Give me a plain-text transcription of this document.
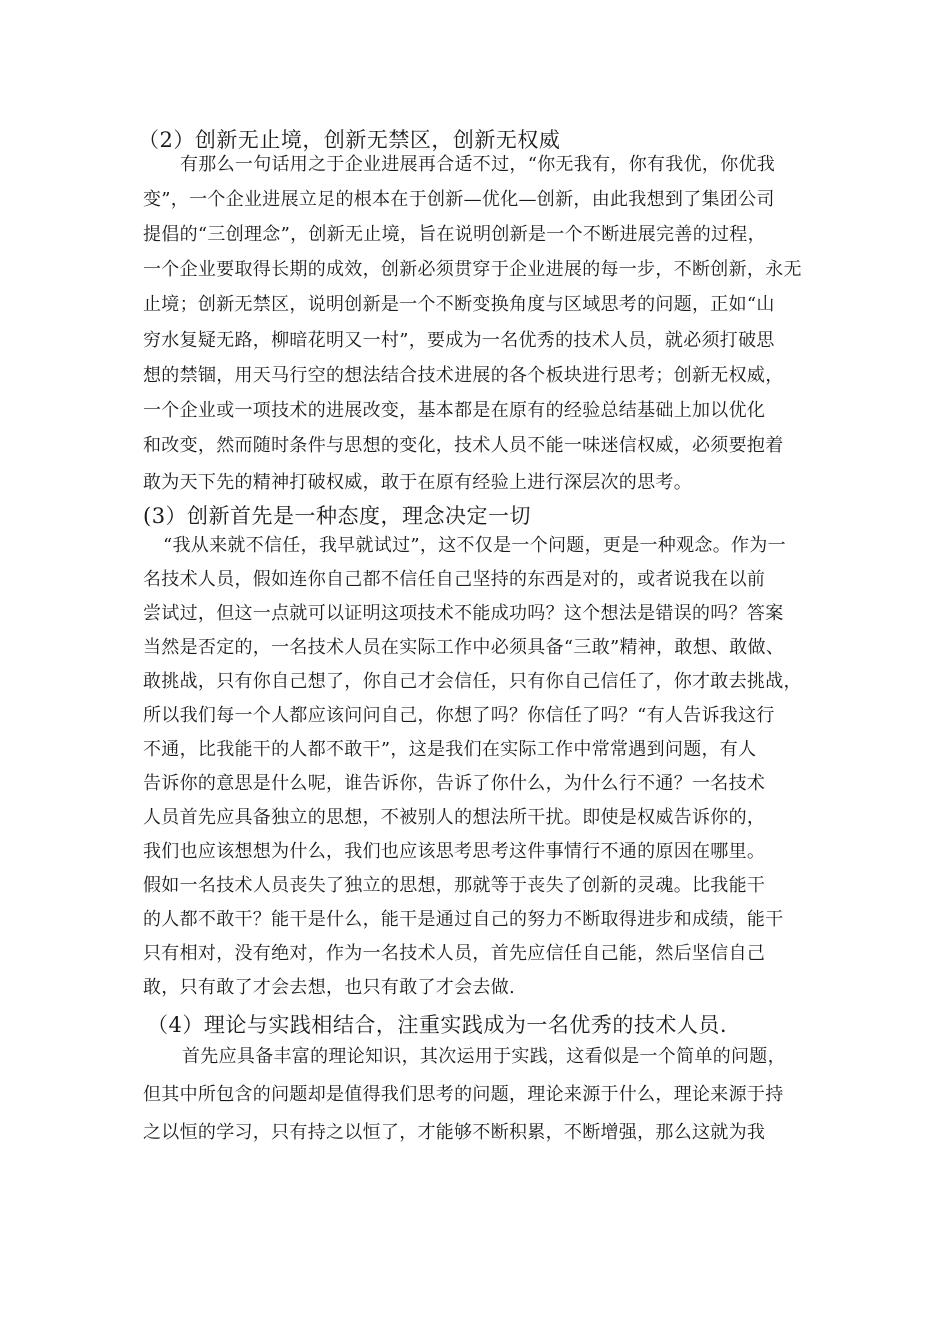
（2）创新无止境，创新无禁区，创新无权威

有那么一句话用之于企业进展再合适不过，“你无我有，你有我优，你优我

变”，一个企业进展立足的根本在于创新—优化—创新，由此我想到了集团公司

提倡的“三创理念”，创新无止境，旨在说明创新是一个不断进展完善的过程，

一个企业要取得长期的成效，创新必须贯穿于企业进展的每一步，不断创新，永无

止境；创新无禁区，说明创新是一个不断变换角度与区域思考的问题，正如“山

穷水复疑无路，柳暗花明又一村”，要成为一名优秀的技术人员，就必须打破思

想的禁锢，用天马行空的想法结合技术进展的各个板块进行思考；创新无权威，

一个企业或一项技术的进展改变，基本都是在原有的经验总结基础上加以优化

和改变，然而随时条件与思想的变化，技术人员不能一味迷信权威，必须要抱着

敢为天下先的精神打破权威，敢于在原有经验上进行深层次的思考。

(3）创新首先是一种态度，理念决定一切

“我从来就不信任，我早就试过”，这不仅是一个问题，更是一种观念。作为一

名技术人员，假如连你自己都不信任自己坚持的东西是对的，或者说我在以前

尝试过，但这一点就可以证明这项技术不能成功吗？这个想法是错误的吗？答案

当然是否定的，一名技术人员在实际工作中必须具备“三敢”精神，敢想、敢做、

敢挑战，只有你自己想了，你自己才会信任，只有你自己信任了，你才敢去挑战，

所以我们每一个人都应该问问自己，你想了吗？你信任了吗？“有人告诉我这行

不通，比我能干的人都不敢干”，这是我们在实际工作中常常遇到问题，有人

告诉你的意思是什么呢，谁告诉你，告诉了你什么，为什么行不通？一名技术

人员首先应具备独立的思想，不被别人的想法所干扰。即使是权威告诉你的，

我们也应该想想为什么，我们也应该思考思考这件事情行不通的原因在哪里。

假如一名技术人员丧失了独立的思想，那就等于丧失了创新的灵魂。比我能干

的人都不敢干？能干是什么，能干是通过自己的努力不断取得进步和成绩，能干

只有相对，没有绝对，作为一名技术人员，首先应信任自己能，然后坚信自己

敢，只有敢了才会去想，也只有敢了才会去做.

（4）理论与实践相结合，注重实践成为一名优秀的技术人员.

首先应具备丰富的理论知识，其次运用于实践，这看似是一个简单的问题，

但其中所包含的问题却是值得我们思考的问题，理论来源于什么，理论来源于持

之以恒的学习，只有持之以恒了，才能够不断积累，不断增强，那么这就为我
